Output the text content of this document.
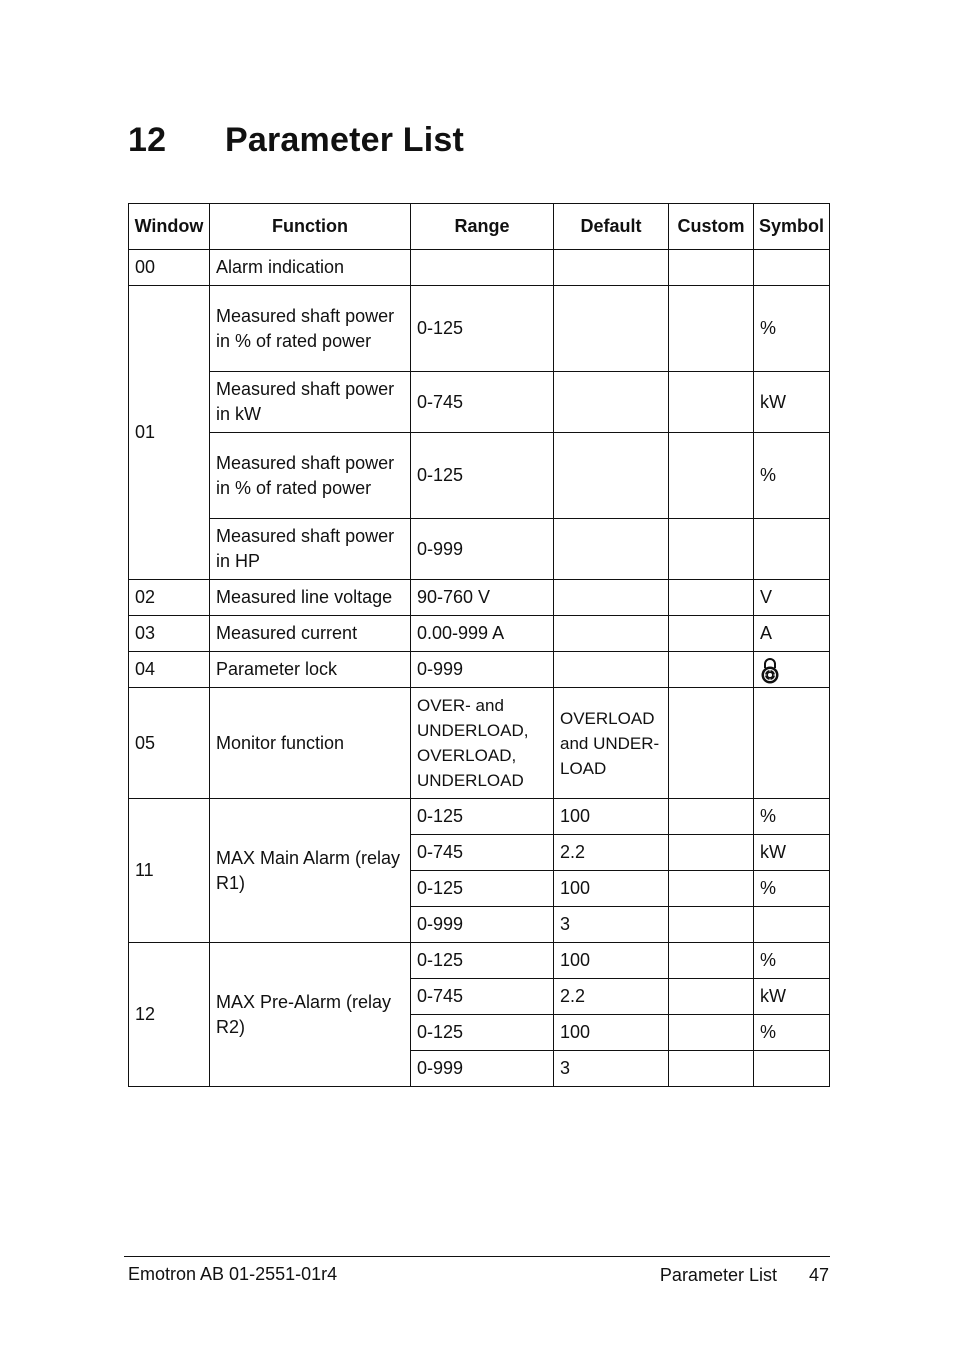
12 Parameter List
Window	Function	Range	Default	Custom	Symbol
00	Alarm indication				
01	Measured shaft power in % of rated power	0-125			%
	Measured shaft power in kW	0-745			kW
	Measured shaft power in % of rated power	0-125			%
	Measured shaft power in HP	0-999			
02	Measured line voltage	90-760 V			V
03	Measured current	0.00-999 A			A
04	Parameter lock	0-999			
05	Monitor function	OVER- and UNDERLOAD, OVERLOAD, UNDERLOAD	OVERLOAD and UNDER-LOAD		
11	MAX Main Alarm (relay R1)	0-125	100		%
		0-745	2.2		kW
		0-125	100		%
		0-999	3		
12	MAX Pre-Alarm (relay R2)	0-125	100		%
		0-745	2.2		kW
		0-125	100		%
		0-999	3		
Emotron AB 01-2551-01r4	Parameter List 47
